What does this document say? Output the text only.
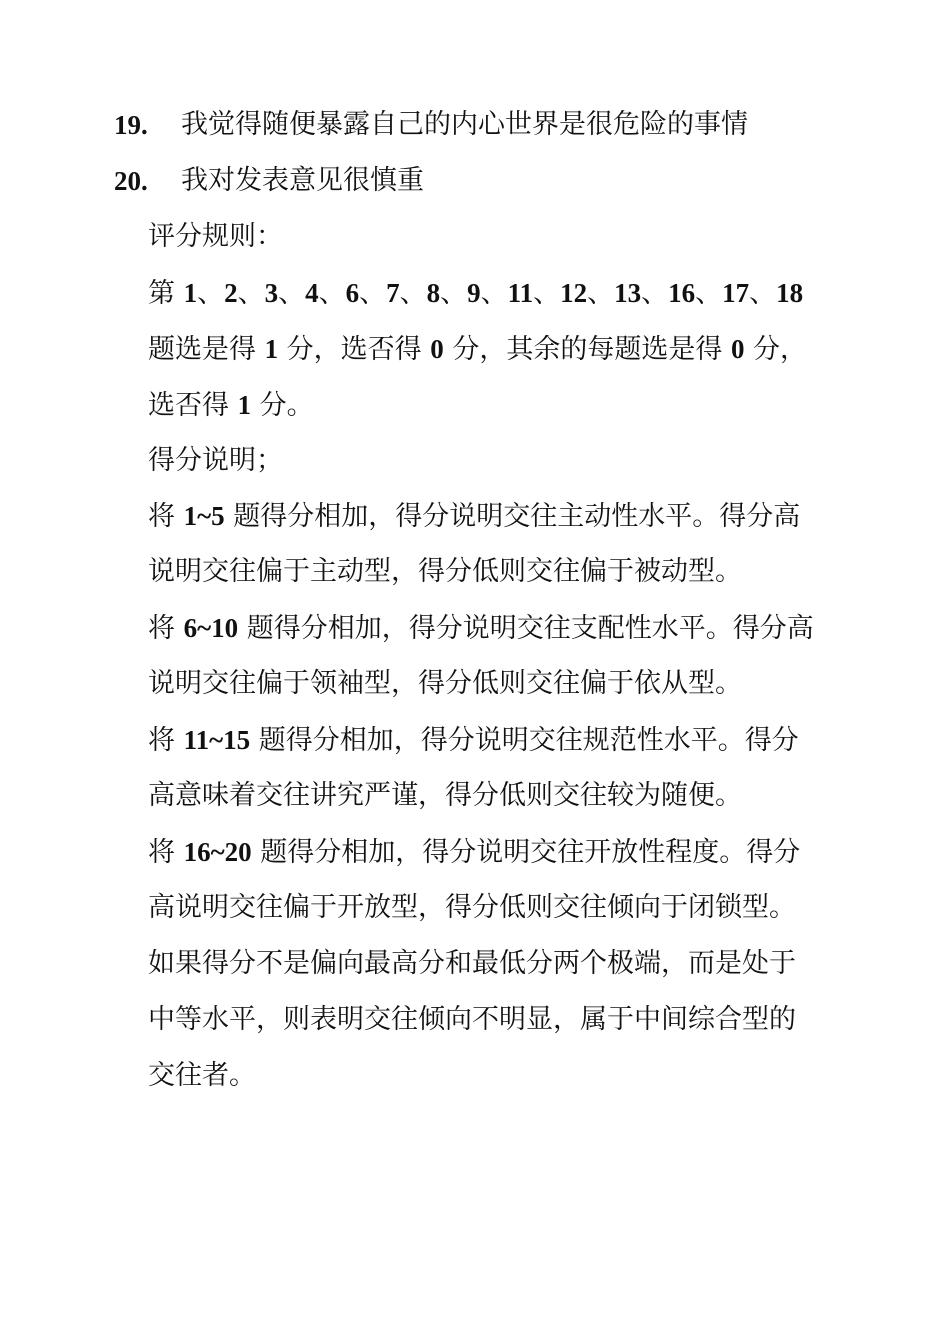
19. 我觉得随便暴露自己的内心世界是很危险的事情
20. 我对发表意见很慎重
评分规则：
第 1、2、3、4、6、7、8、9、11、12、13、16、17、18
题选是得 1 分，选否得 0 分，其余的每题选是得 0 分，
选否得 1 分。
得分说明；
将 1~5 题得分相加，得分说明交往主动性水平。得分高
说明交往偏于主动型，得分低则交往偏于被动型。
将 6~10 题得分相加，得分说明交往支配性水平。得分高
说明交往偏于领袖型，得分低则交往偏于依从型。
将 11~15 题得分相加，得分说明交往规范性水平。得分
高意味着交往讲究严谨，得分低则交往较为随便。
将 16~20 题得分相加，得分说明交往开放性程度。得分
高说明交往偏于开放型，得分低则交往倾向于闭锁型。
如果得分不是偏向最高分和最低分两个极端，而是处于
中等水平，则表明交往倾向不明显，属于中间综合型的
交往者。
